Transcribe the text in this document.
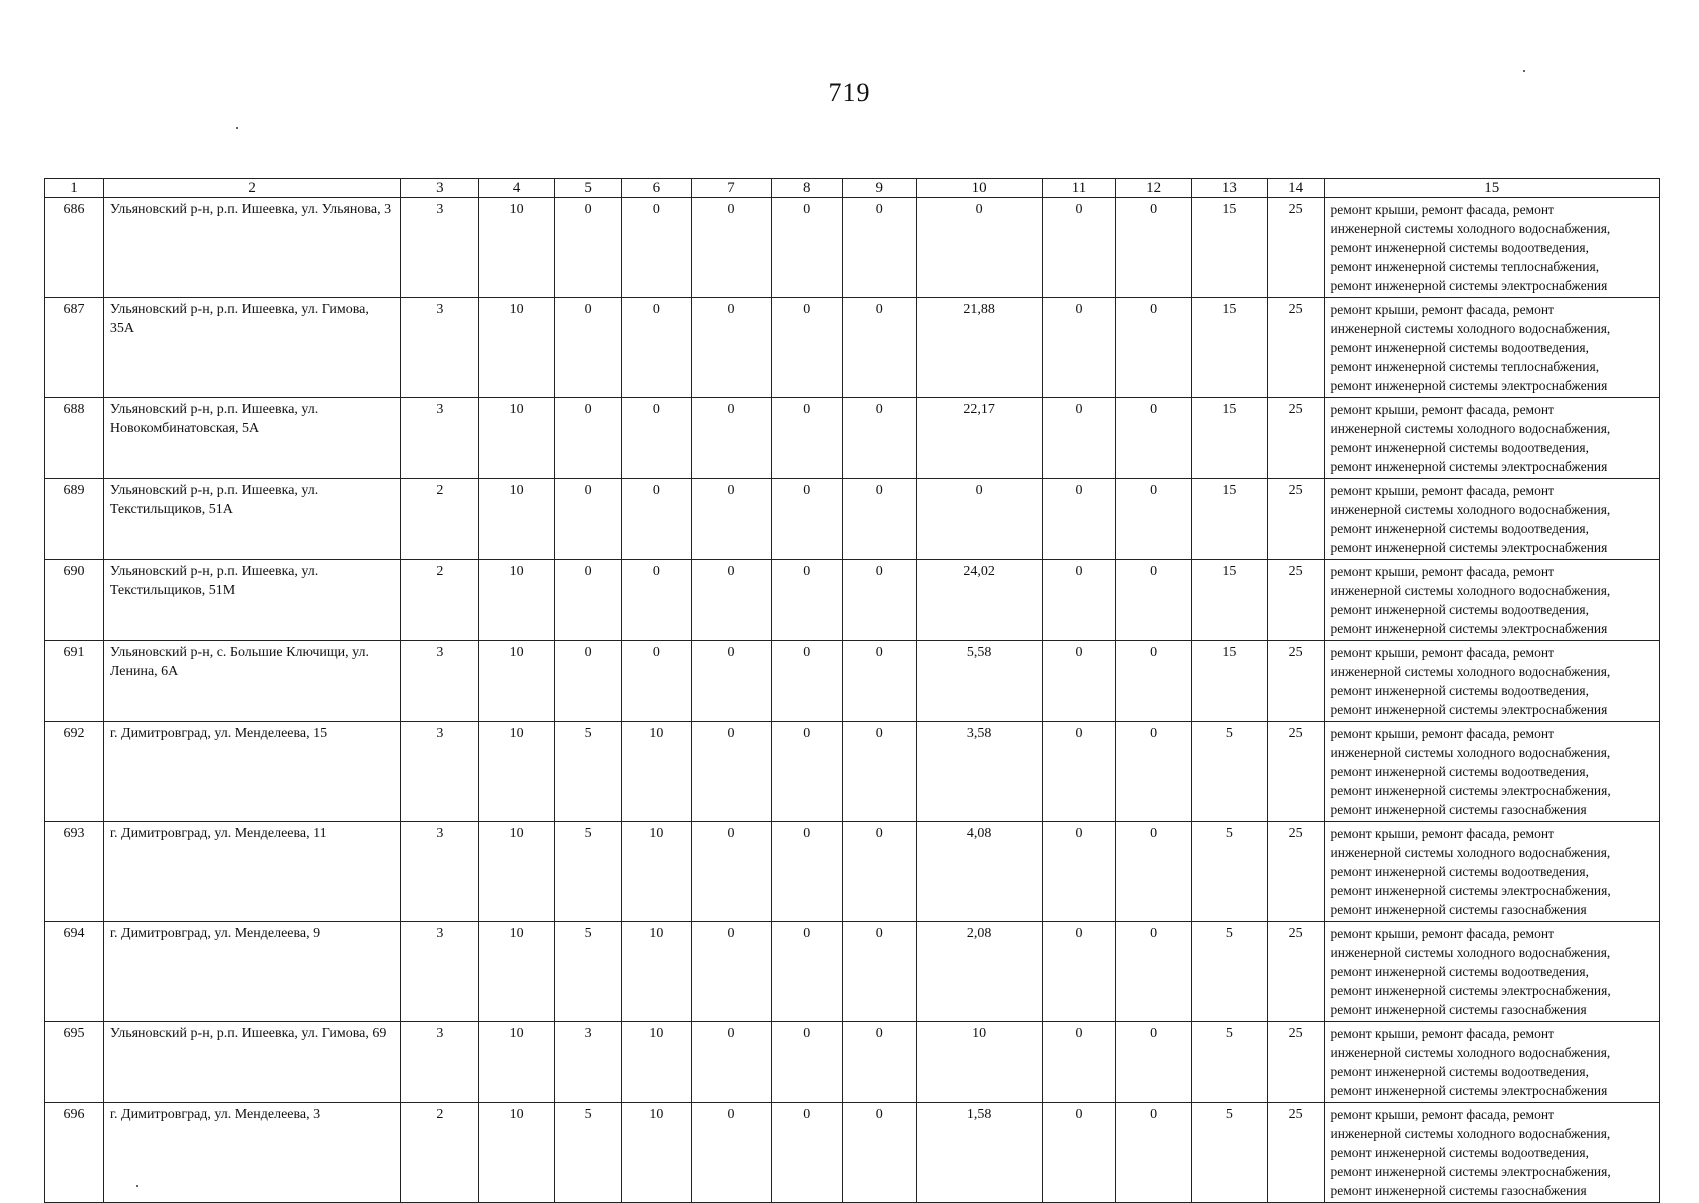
719
1	2	3	4	5	6	7	8	9	10	11	12	13	14	15
686	Ульяновский р-н, р.п. Ишеевка, ул. Ульянова, 3	3	10	0	0	0	0	0	0	0	0	15	25	ремонт крыши, ремонт фасада, ремонт
инженерной системы холодного водоснабжения,
ремонт инженерной системы водоотведения,
ремонт инженерной системы теплоснабжения,
ремонт инженерной системы электроснабжения
687	Ульяновский р-н, р.п. Ишеевка, ул. Гимова, 35А	3	10	0	0	0	0	0	21,88	0	0	15	25	ремонт крыши, ремонт фасада, ремонт
инженерной системы холодного водоснабжения,
ремонт инженерной системы водоотведения,
ремонт инженерной системы теплоснабжения,
ремонт инженерной системы электроснабжения
688	Ульяновский р-н, р.п. Ишеевка, ул. Новокомбинатовская, 5А	3	10	0	0	0	0	0	22,17	0	0	15	25	ремонт крыши, ремонт фасада, ремонт
инженерной системы холодного водоснабжения,
ремонт инженерной системы водоотведения,
ремонт инженерной системы электроснабжения
689	Ульяновский р-н, р.п. Ишеевка, ул. Текстильщиков, 51А	2	10	0	0	0	0	0	0	0	0	15	25	ремонт крыши, ремонт фасада, ремонт
инженерной системы холодного водоснабжения,
ремонт инженерной системы водоотведения,
ремонт инженерной системы электроснабжения
690	Ульяновский р-н, р.п. Ишеевка, ул. Текстильщиков, 51М	2	10	0	0	0	0	0	24,02	0	0	15	25	ремонт крыши, ремонт фасада, ремонт
инженерной системы холодного водоснабжения,
ремонт инженерной системы водоотведения,
ремонт инженерной системы электроснабжения
691	Ульяновский р-н, с. Большие Ключищи, ул. Ленина, 6А	3	10	0	0	0	0	0	5,58	0	0	15	25	ремонт крыши, ремонт фасада, ремонт
инженерной системы холодного водоснабжения,
ремонт инженерной системы водоотведения,
ремонт инженерной системы электроснабжения
692	г. Димитровград, ул. Менделеева, 15	3	10	5	10	0	0	0	3,58	0	0	5	25	ремонт крыши, ремонт фасада, ремонт
инженерной системы холодного водоснабжения,
ремонт инженерной системы водоотведения,
ремонт инженерной системы электроснабжения,
ремонт инженерной системы газоснабжения
693	г. Димитровград, ул. Менделеева, 11	3	10	5	10	0	0	0	4,08	0	0	5	25	ремонт крыши, ремонт фасада, ремонт
инженерной системы холодного водоснабжения,
ремонт инженерной системы водоотведения,
ремонт инженерной системы электроснабжения,
ремонт инженерной системы газоснабжения
694	г. Димитровград, ул. Менделеева, 9	3	10	5	10	0	0	0	2,08	0	0	5	25	ремонт крыши, ремонт фасада, ремонт
инженерной системы холодного водоснабжения,
ремонт инженерной системы водоотведения,
ремонт инженерной системы электроснабжения,
ремонт инженерной системы газоснабжения
695	Ульяновский р-н, р.п. Ишеевка, ул. Гимова, 69	3	10	3	10	0	0	0	10	0	0	5	25	ремонт крыши, ремонт фасада, ремонт
инженерной системы холодного водоснабжения,
ремонт инженерной системы водоотведения,
ремонт инженерной системы электроснабжения
696	г. Димитровград, ул. Менделеева, 3	2	10	5	10	0	0	0	1,58	0	0	5	25	ремонт крыши, ремонт фасада, ремонт
инженерной системы холодного водоснабжения,
ремонт инженерной системы водоотведения,
ремонт инженерной системы электроснабжения,
ремонт инженерной системы газоснабжения
